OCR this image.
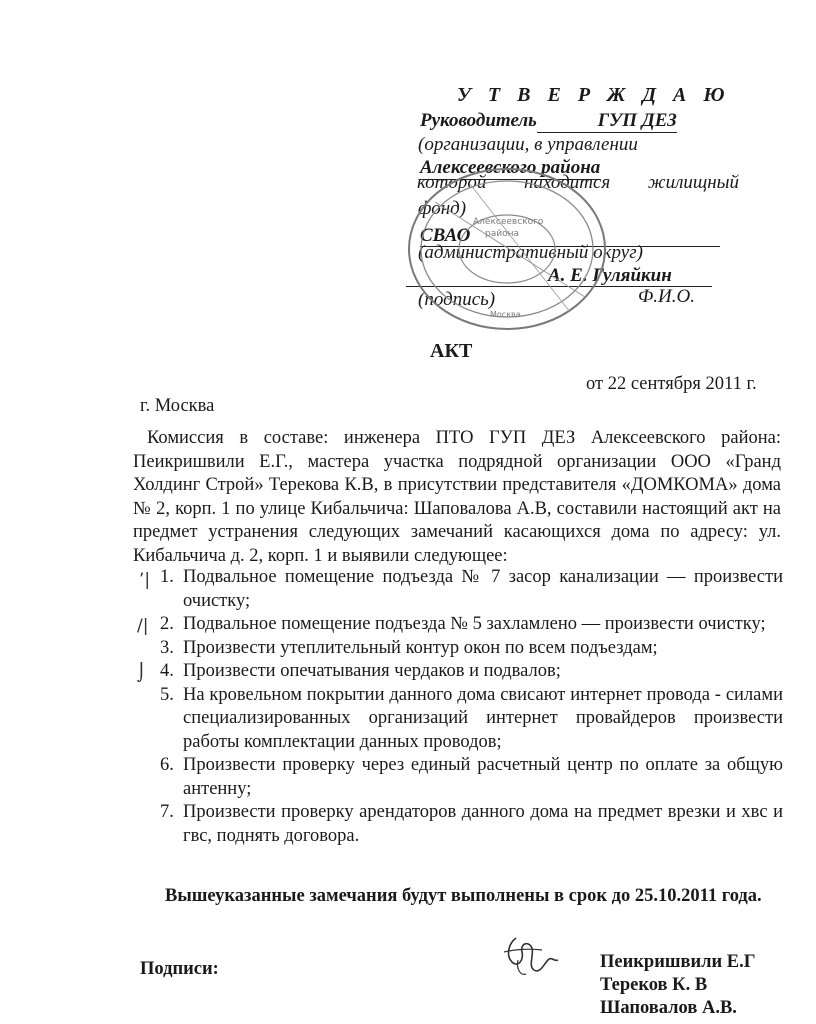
У Т В Е Р Ж Д А Ю
Руководитель	ГУП ДЕЗ
(организации, в управлении
Алексеевского района
которой находится жилищный
фонд)
СВАО
(административный округ)
А. Е. Гуляйкин
(подпись)	Ф.И.О.
Алексеевского
района
Москва
АКТ
от 22 сентября 2011 г.
г. Москва
Комиссия в составе: инженера ПТО ГУП ДЕЗ Алексеевского района: Пеикришвили Е.Г., мастера участка подрядной организации ООО «Гранд Холдинг Строй» Терекова К.В, в присутствии представителя «ДОМКОМА» дома № 2, корп. 1 по улице Кибальчича: Шаповалова А.В, составили настоящий акт на предмет устранения следующих замечаний касающихся дома по адресу: ул. Кибальчича д. 2, корп. 1 и выявили следующее:
ʼ|
/|
⌡
1. Подвальное помещение подъезда № 7 засор канализации — произвести очистку;
2. Подвальное помещение подъезда № 5 захламлено — произвести очистку;
3. Произвести утеплительный контур окон по всем подъездам;
4. Произвести опечатывания чердаков и подвалов;
5. На кровельном покрытии данного дома свисают интернет провода - силами специализированных организаций интернет провайдеров произвести работы комплектации данных проводов;
6. Произвести проверку через единый расчетный центр по оплате за общую антенну;
7. Произвести проверку арендаторов данного дома на предмет врезки и хвс и гвс, поднять договора.
Вышеуказанные замечания будут выполнены в срок до 25.10.2011 года.
Подписи:	Пеикришвили Е.Г
Тереков К. В
Шаповалов А.В.
